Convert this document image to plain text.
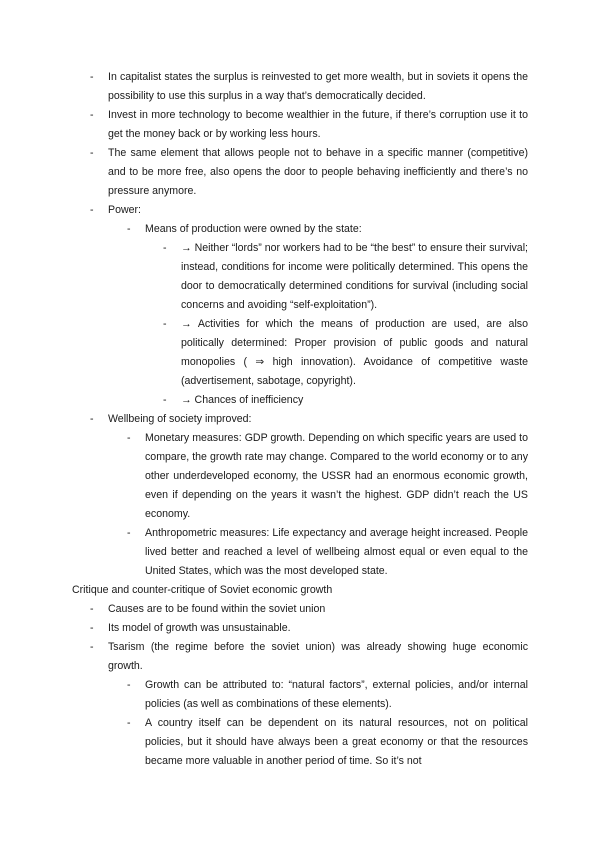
- In capitalist states the surplus is reinvested to get more wealth, but in soviets it opens the possibility to use this surplus in a way that’s democratically decided.
- Invest in more technology to become wealthier in the future, if there’s corruption use it to get the money back or by working less hours.
- The same element that allows people not to behave in a specific manner (competitive) and to be more free, also opens the door to people behaving inefficiently and there’s no pressure anymore.
- Power:
- Means of production were owned by the state:
- → Neither “lords” nor workers had to be “the best” to ensure their survival; instead, conditions for income were politically determined. This opens the door to democratically determined conditions for survival (including social concerns and avoiding “self-exploitation”).
- → Activities for which the means of production are used, are also politically determined: Proper provision of public goods and natural monopolies ( ⇒ high innovation). Avoidance of competitive waste (advertisement, sabotage, copyright).
- → Chances of inefficiency
- Wellbeing of society improved:
- Monetary measures: GDP growth. Depending on which specific years are used to compare, the growth rate may change. Compared to the world economy or to any other underdeveloped economy, the USSR had an enormous economic growth, even if depending on the years it wasn’t the highest. GDP didn’t reach the US economy.
- Anthropometric measures: Life expectancy and average height increased. People lived better and reached a level of wellbeing almost equal or even equal to the United States, which was the most developed state.
Critique and counter-critique of Soviet economic growth
- Causes are to be found within the soviet union
- Its model of growth was unsustainable.
- Tsarism (the regime before the soviet union) was already showing huge economic growth.
- Growth can be attributed to: “natural factors”, external policies, and/or internal policies (as well as combinations of these elements).
- A country itself can be dependent on its natural resources, not on political policies, but it should have always been a great economy or that the resources became more valuable in another period of time. So it’s not
